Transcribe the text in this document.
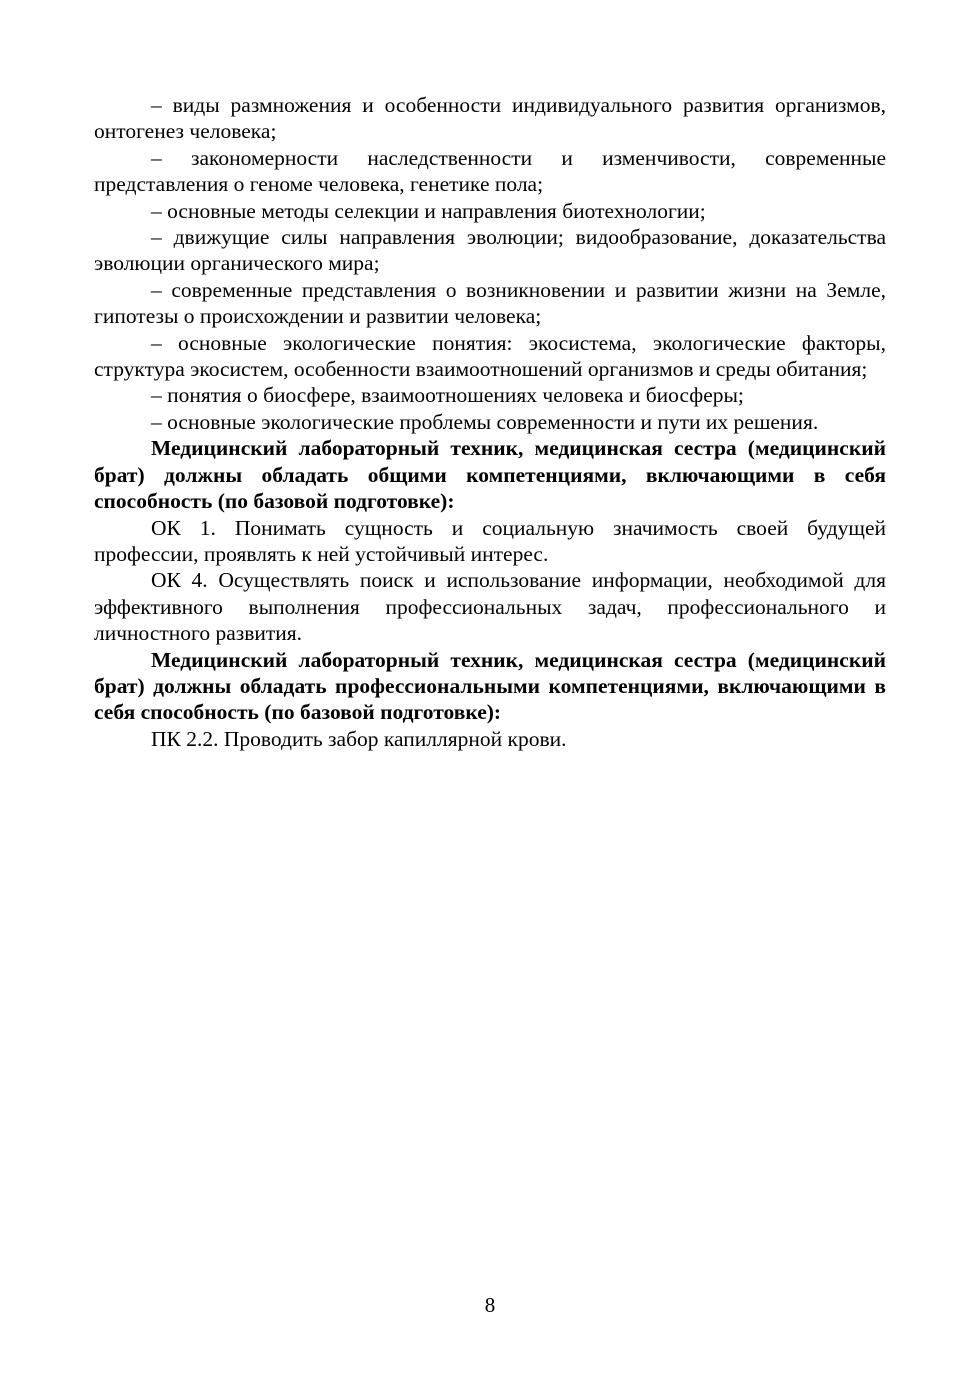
– виды размножения и особенности индивидуального развития организмов, онтогенез человека;

– закономерности наследственности и изменчивости, современные представления о геноме человека, генетике пола;

– основные методы селекции и направления биотехнологии;

– движущие силы направления эволюции; видообразование, доказательства эволюции органического мира;

– современные представления о возникновении и развитии жизни на Земле, гипотезы о происхождении и развитии человека;

– основные экологические понятия: экосистема, экологические факторы, структура экосистем, особенности взаимоотношений организмов и среды обитания;

– понятия о биосфере, взаимоотношениях человека и биосферы;

– основные экологические проблемы современности и пути их решения.

Медицинский лабораторный техник, медицинская сестра (медицинский брат) должны обладать общими компетенциями, включающими в себя способность (по базовой подготовке):

ОК 1. Понимать сущность и социальную значимость своей будущей профессии, проявлять к ней устойчивый интерес.

ОК 4. Осуществлять поиск и использование информации, необходимой для эффективного выполнения профессиональных задач, профессионального и личностного развития.

Медицинский лабораторный техник, медицинская сестра (медицинский брат) должны обладать профессиональными компетенциями, включающими в себя способность (по базовой подготовке):

ПК 2.2. Проводить забор капиллярной крови.

8
